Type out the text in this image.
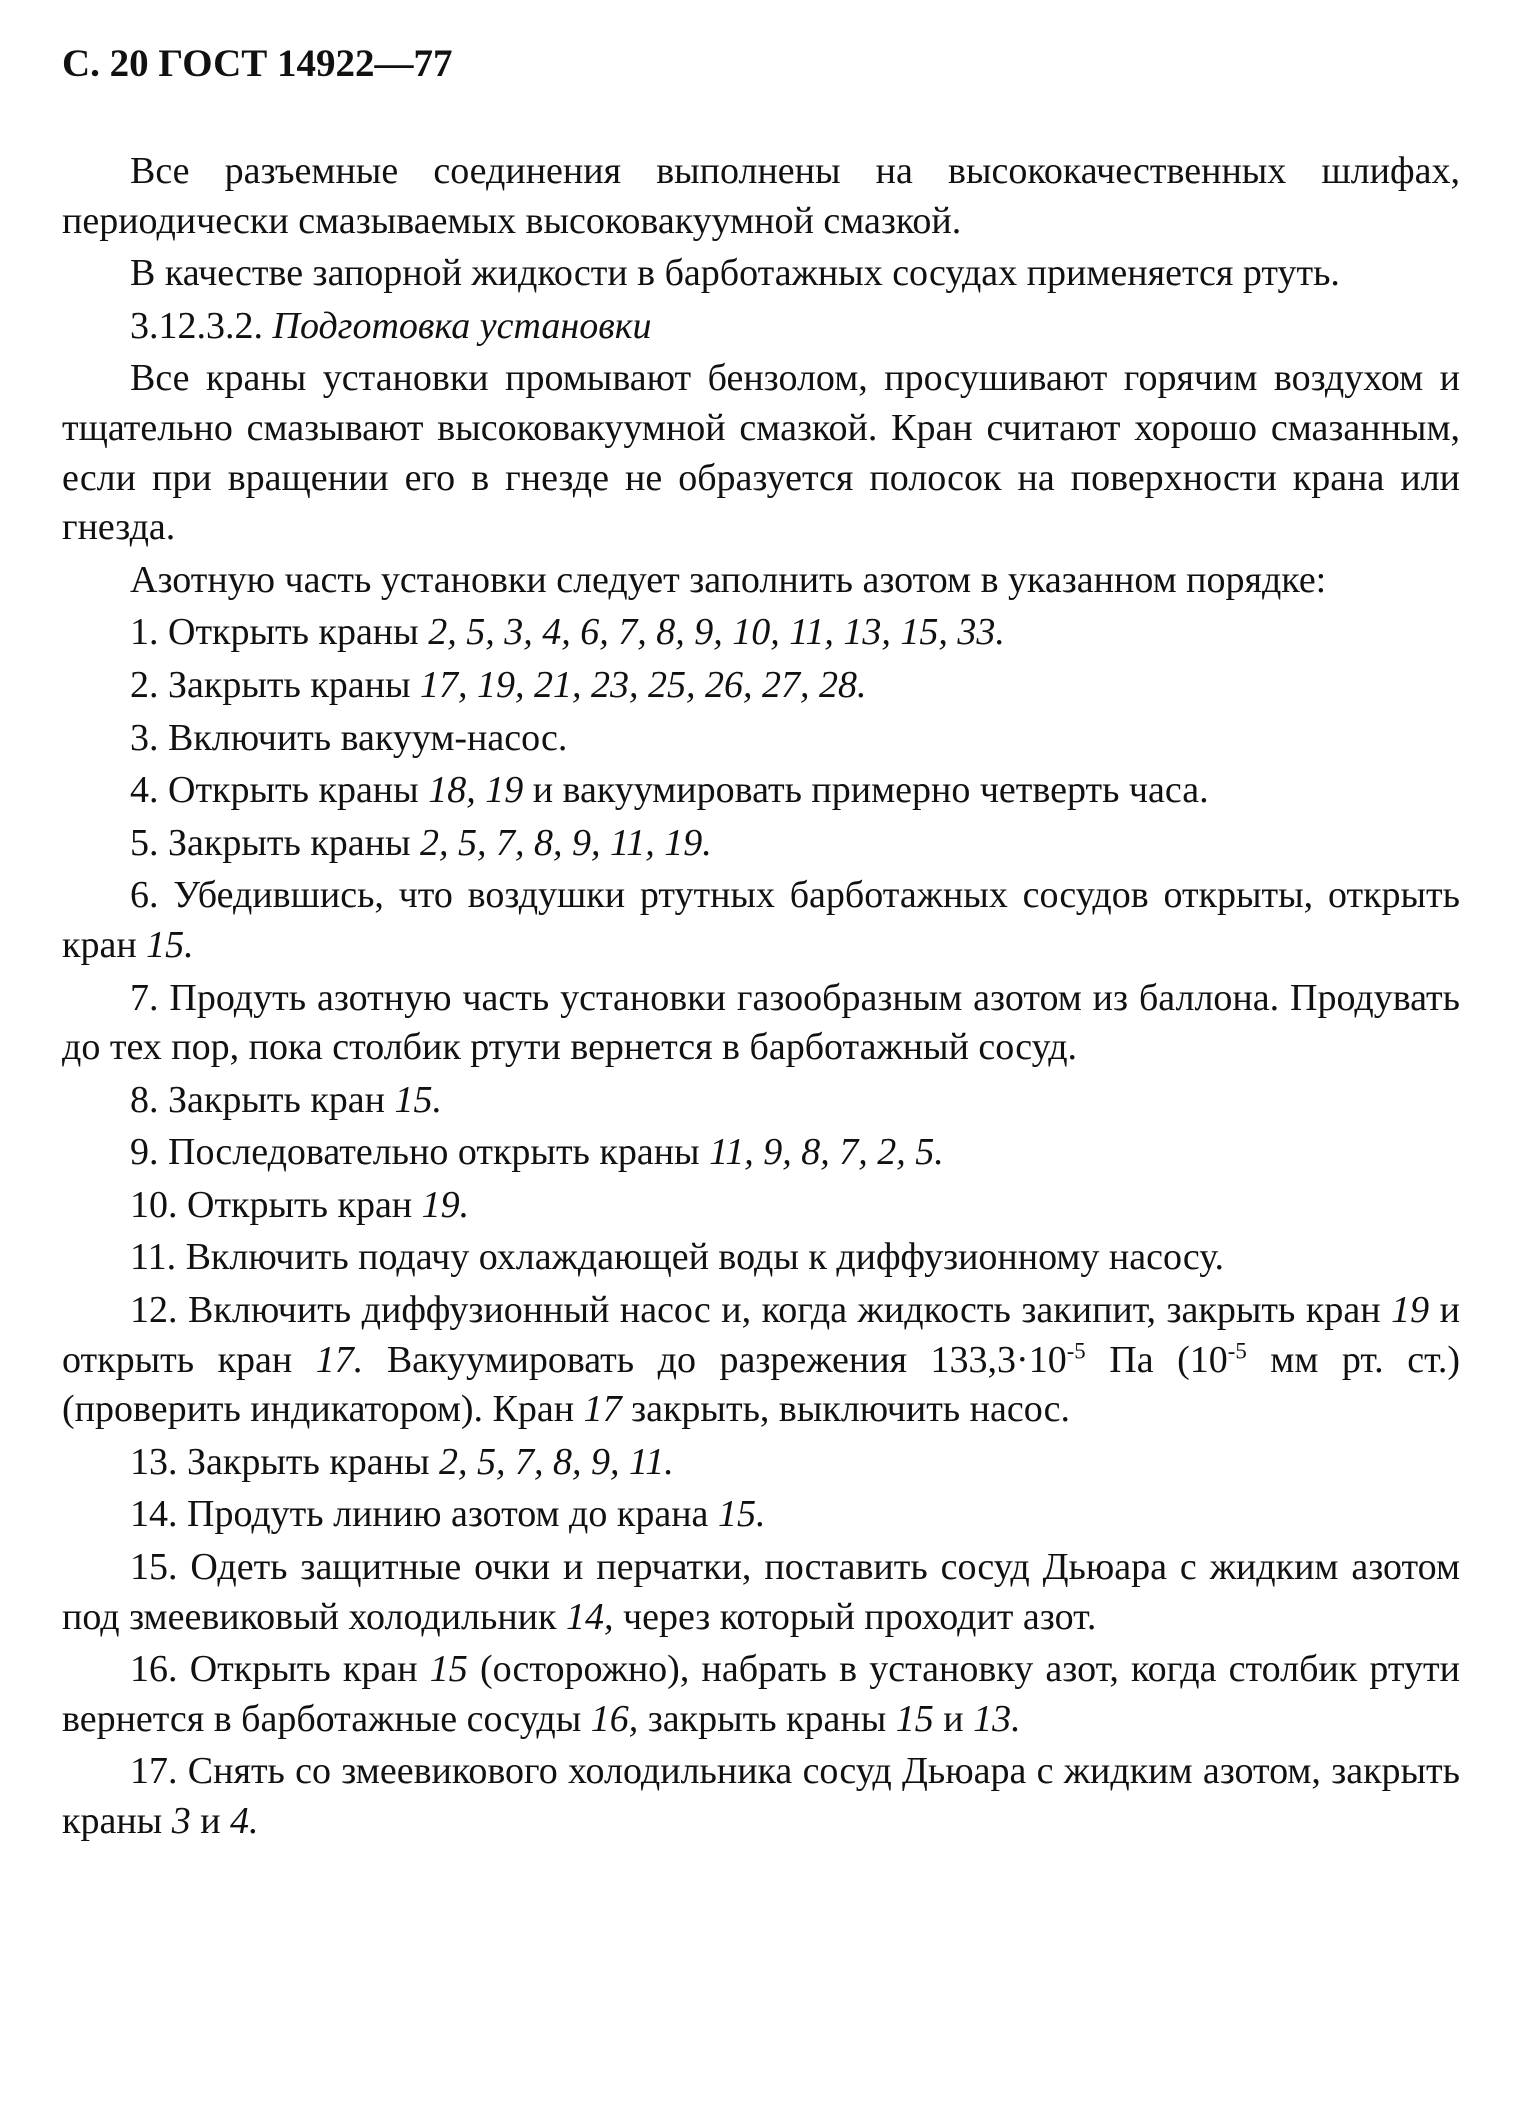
С. 20 ГОСТ 14922—77

Все разъемные соединения выполнены на высококачественных шлифах, периодически смазываемых высоковакуумной смазкой.

В качестве запорной жидкости в барботажных сосудах применяется ртуть.

3.12.3.2. Подготовка установки

Все краны установки промывают бензолом, просушивают горячим воздухом и тщательно смазывают высоковакуумной смазкой. Кран считают хорошо смазанным, если при вращении его в гнезде не образуется полосок на поверхности крана или гнезда.

Азотную часть установки следует заполнить азотом в указанном порядке:

1. Открыть краны 2, 5, 3, 4, 6, 7, 8, 9, 10, 11, 13, 15, 33.

2. Закрыть краны 17, 19, 21, 23, 25, 26, 27, 28.

3. Включить вакуум-насос.

4. Открыть краны 18, 19 и вакуумировать примерно четверть часа.

5. Закрыть краны 2, 5, 7, 8, 9, 11, 19.

6. Убедившись, что воздушки ртутных барботажных сосудов открыты, открыть кран 15.

7. Продуть азотную часть установки газообразным азотом из баллона. Продувать до тех пор, пока столбик ртути вернется в барботажный сосуд.

8. Закрыть кран 15.

9. Последовательно открыть краны 11, 9, 8, 7, 2, 5.

10. Открыть кран 19.

11. Включить подачу охлаждающей воды к диффузионному насосу.

12. Включить диффузионный насос и, когда жидкость закипит, закрыть кран 19 и открыть кран 17. Вакуумировать до разрежения $133,3\cdot 10^{-5}$ Па ($10^{-5}$ мм рт. ст.) (проверить индикатором). Кран 17 закрыть, выключить насос.

13. Закрыть краны 2, 5, 7, 8, 9, 11.

14. Продуть линию азотом до крана 15.

15. Одеть защитные очки и перчатки, поставить сосуд Дьюара с жидким азотом под змеевиковый холодильник 14, через который проходит азот.

16. Открыть кран 15 (осторожно), набрать в установку азот, когда столбик ртути вернется в барботажные сосуды 16, закрыть краны 15 и 13.

17. Снять со змеевикового холодильника сосуд Дьюара с жидким азотом, закрыть краны 3 и 4.
